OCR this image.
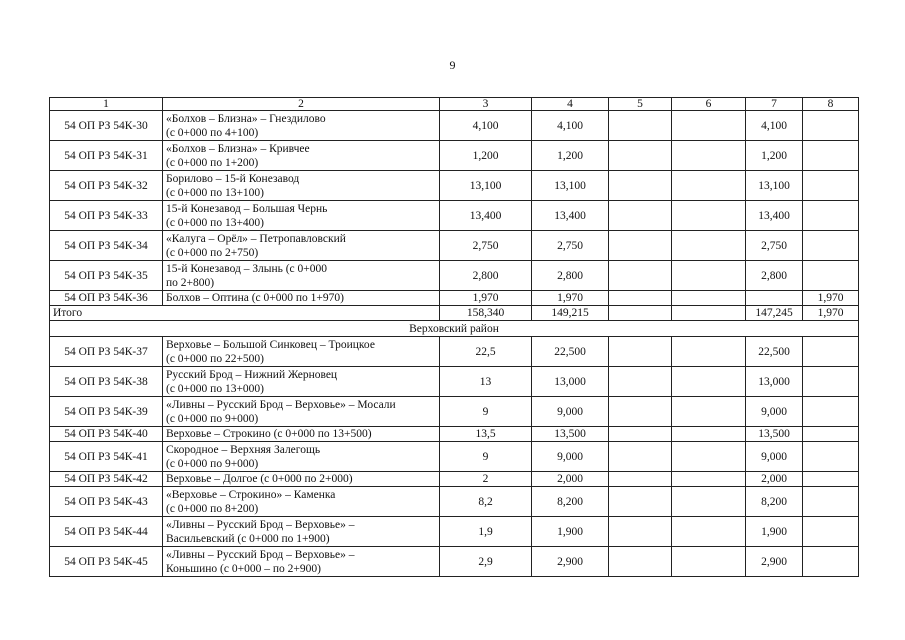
9
1	2	3	4	5	6	7	8
54 ОП РЗ 54К-30	«Болхов – Близна» – Гнездилово
(с 0+000 по 4+100)	4,100	4,100			4,100	
54 ОП РЗ 54К-31	«Болхов – Близна» – Кривчее
(с 0+000 по 1+200)	1,200	1,200			1,200	
54 ОП РЗ 54К-32	Борилово – 15-й Конезавод
(с 0+000 по 13+100)	13,100	13,100			13,100	
54 ОП РЗ 54К-33	15-й Конезавод – Большая Чернь
(с 0+000 по 13+400)	13,400	13,400			13,400	
54 ОП РЗ 54К-34	«Калуга – Орёл» – Петропавловский
(с 0+000 по 2+750)	2,750	2,750			2,750	
54 ОП РЗ 54К-35	15-й Конезавод – Злынь (с 0+000
по 2+800)	2,800	2,800			2,800	
54 ОП РЗ 54К-36	Болхов – Оптина (с 0+000 по 1+970)	1,970	1,970				1,970
Итого		158,340	149,215			147,245	1,970
Верховский район							
54 ОП РЗ 54К-37	Верховье – Большой Синковец – Троицкое
(с 0+000 по 22+500)	22,5	22,500			22,500	
54 ОП РЗ 54К-38	Русский Брод – Нижний Жерновец
(с 0+000 по 13+000)	13	13,000			13,000	
54 ОП РЗ 54К-39	«Ливны – Русский Брод – Верховье» – Мосали
(с 0+000 по 9+000)	9	9,000			9,000	
54 ОП РЗ 54К-40	Верховье – Строкино (с 0+000 по 13+500)	13,5	13,500			13,500	
54 ОП РЗ 54К-41	Скородное – Верхняя Залегощь
(с 0+000 по 9+000)	9	9,000			9,000	
54 ОП РЗ 54К-42	Верховье – Долгое (с 0+000 по 2+000)	2	2,000			2,000	
54 ОП РЗ 54К-43	«Верховье – Строкино» – Каменка
(с 0+000 по 8+200)	8,2	8,200			8,200	
54 ОП РЗ 54К-44	«Ливны – Русский Брод – Верховье» –
Васильевский (с 0+000 по 1+900)	1,9	1,900			1,900	
54 ОП РЗ 54К-45	«Ливны – Русский Брод – Верховье» –
Коньшино (с 0+000 – по 2+900)	2,9	2,900			2,900	
